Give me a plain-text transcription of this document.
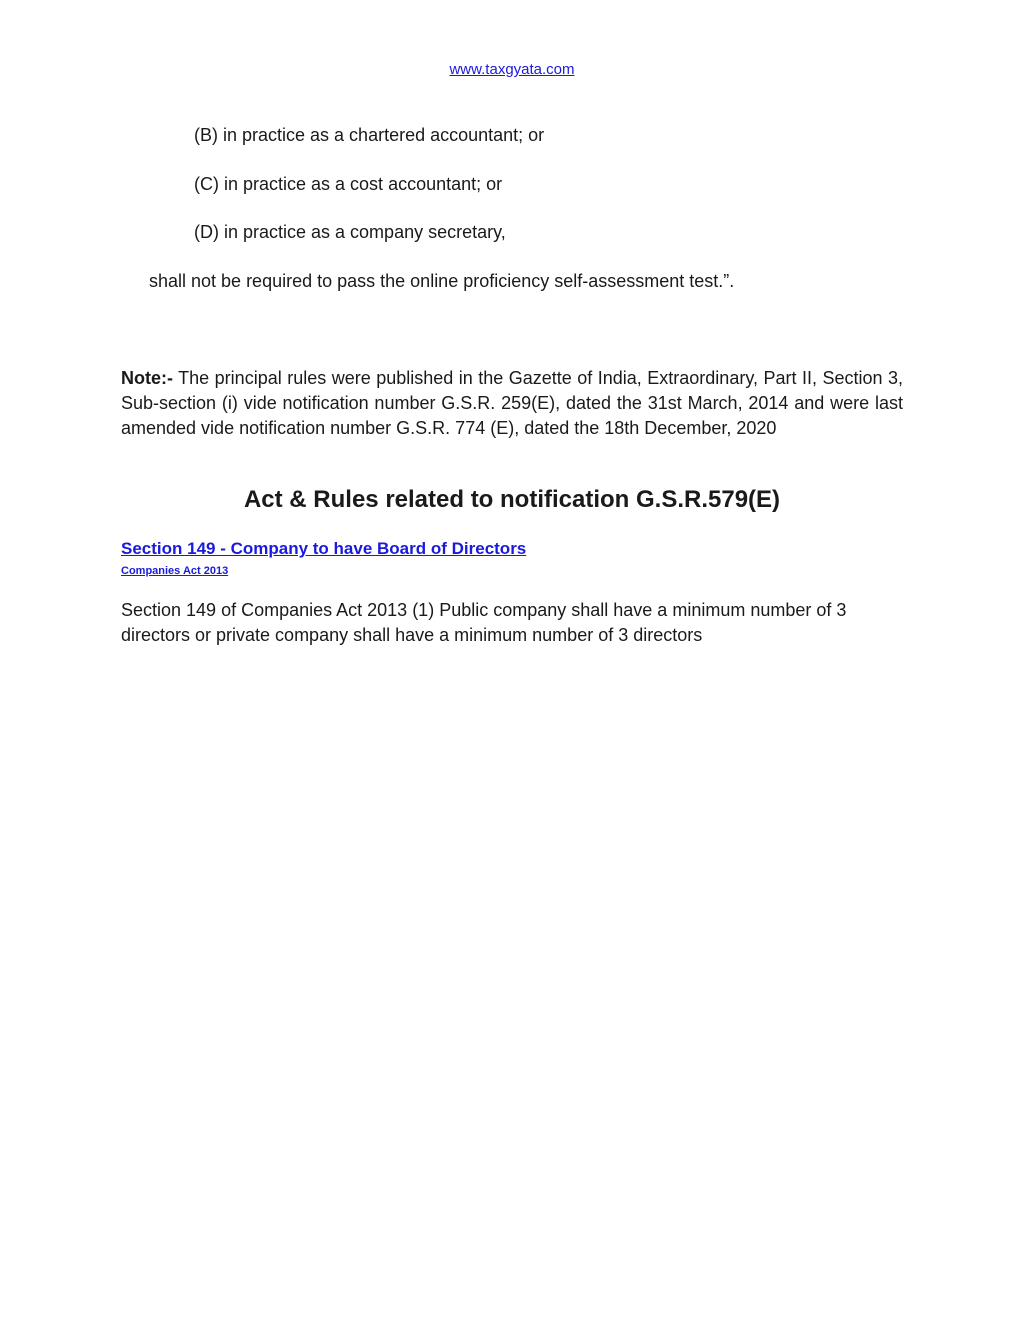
www.taxgyata.com
(B) in practice as a chartered accountant; or
(C) in practice as a cost accountant; or
(D) in practice as a company secretary,
shall not be required to pass the online proficiency self-assessment test.”.
Note:- The principal rules were published in the Gazette of India, Extraordinary, Part II, Section 3, Sub-section (i) vide notification number G.S.R. 259(E), dated the 31st March, 2014 and were last amended vide notification number G.S.R. 774 (E), dated the 18th December, 2020
Act & Rules related to notification G.S.R.579(E)
Section 149 - Company to have Board of Directors
Companies Act 2013
Section 149 of Companies Act 2013 (1) Public company shall have a minimum number of 3 directors or private company shall have a minimum number of 3 directors
